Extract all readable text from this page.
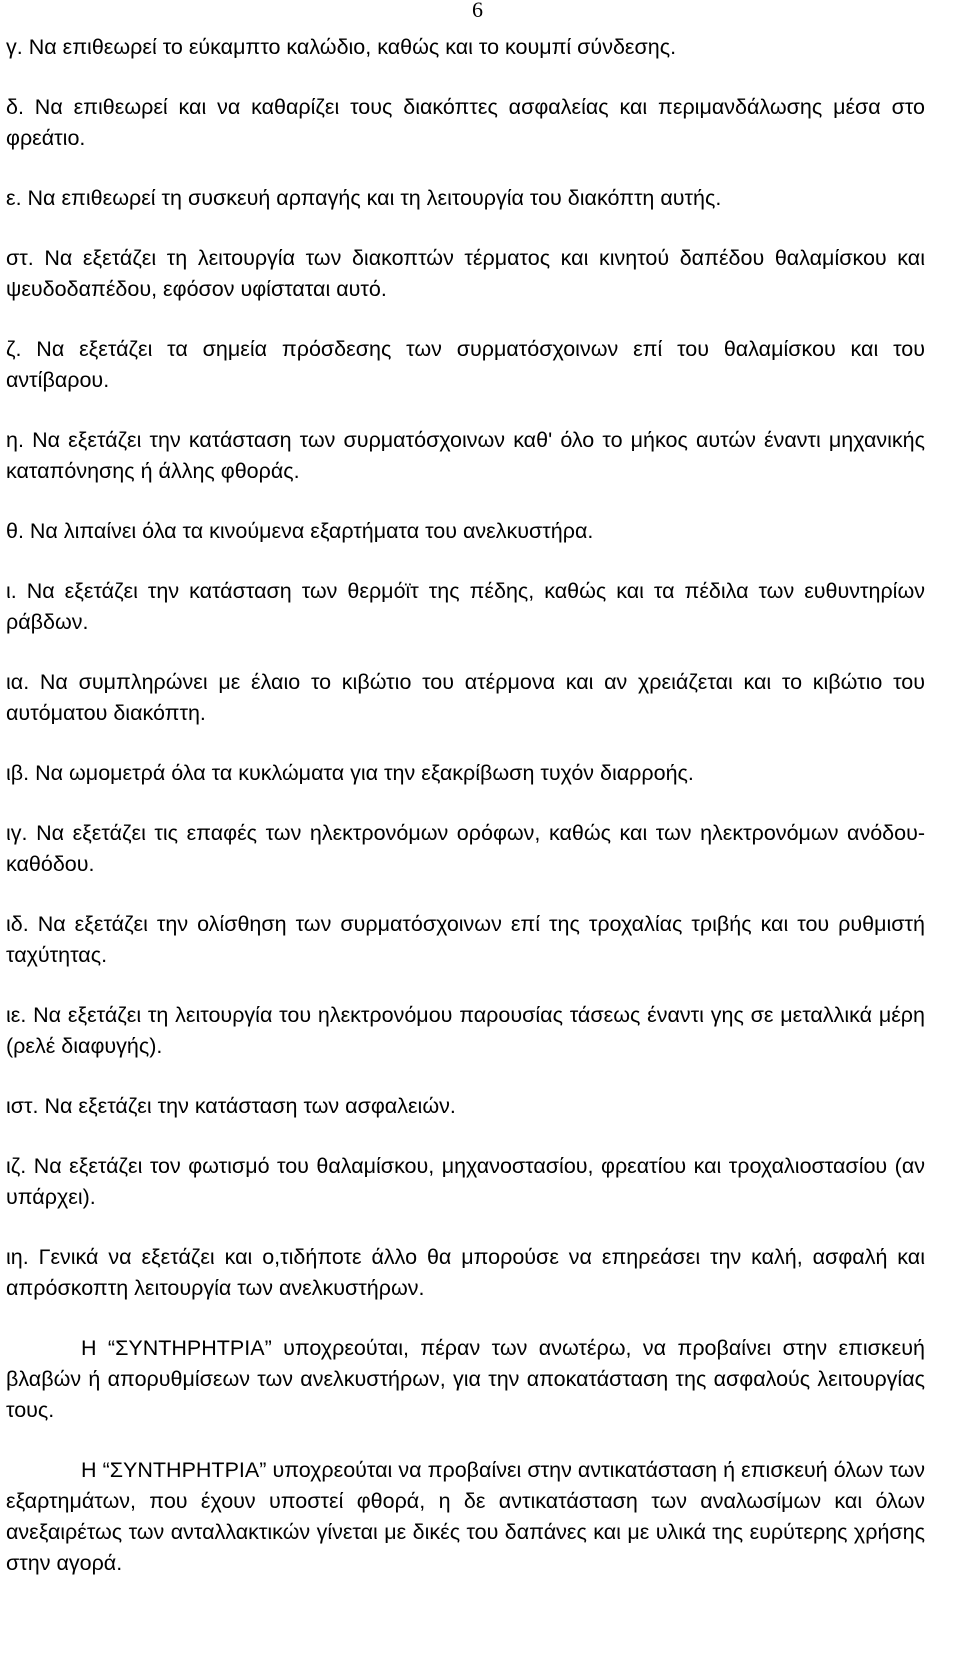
6

γ. Να επιθεωρεί το εύκαμπτο καλώδιο, καθώς και το κουμπί σύνδεσης.

δ. Να επιθεωρεί και να καθαρίζει τους διακόπτες ασφαλείας και περιμανδάλωσης μέσα στο φρεάτιο.

ε. Να επιθεωρεί τη συσκευή αρπαγής και τη λειτουργία του διακόπτη αυτής.

στ. Να εξετάζει τη λειτουργία των διακοπτών τέρματος και κινητού δαπέδου θαλαμίσκου και ψευδοδαπέδου, εφόσον υφίσταται αυτό.

ζ. Να εξετάζει τα σημεία πρόσδεσης των συρματόσχοινων επί του θαλαμίσκου και του αντίβαρου.

η. Να εξετάζει την κατάσταση των συρματόσχοινων καθ' όλο το μήκος αυτών έναντι μηχανικής καταπόνησης ή άλλης φθοράς.

θ. Να λιπαίνει όλα τα κινούμενα εξαρτήματα του ανελκυστήρα.

ι. Να εξετάζει την κατάσταση των θερμόϊτ της πέδης, καθώς και τα πέδιλα των ευθυντηρίων ράβδων.

ια. Να συμπληρώνει με έλαιο το κιβώτιο του ατέρμονα και αν χρειάζεται και το κιβώτιο του αυτόματου διακόπτη.

ιβ. Να ωμομετρά όλα τα κυκλώματα για την εξακρίβωση τυχόν διαρροής.

ιγ. Να εξετάζει τις επαφές των ηλεκτρονόμων ορόφων, καθώς και των ηλεκτρονόμων ανόδου-καθόδου.

ιδ. Να εξετάζει την ολίσθηση των συρματόσχοινων επί της τροχαλίας τριβής και του ρυθμιστή ταχύτητας.

ιε. Να εξετάζει τη λειτουργία του ηλεκτρονόμου παρουσίας τάσεως έναντι γης σε μεταλλικά μέρη (ρελέ διαφυγής).

ιστ. Να εξετάζει την κατάσταση των ασφαλειών.

ιζ. Να εξετάζει τον φωτισμό του θαλαμίσκου, μηχανοστασίου, φρεατίου και τροχαλιοστασίου (αν υπάρχει).

ιη. Γενικά να εξετάζει και ο,τιδήποτε άλλο θα μπορούσε να επηρεάσει την καλή, ασφαλή και απρόσκοπτη λειτουργία των ανελκυστήρων.

Η “ΣΥΝΤΗΡΗΤΡΙΑ” υποχρεούται, πέραν των ανωτέρω, να προβαίνει στην επισκευή βλαβών ή απορυθμίσεων των ανελκυστήρων, για την αποκατάσταση της ασφαλούς λειτουργίας τους.

Η “ΣΥΝΤΗΡΗΤΡΙΑ” υποχρεούται να προβαίνει στην αντικατάσταση ή επισκευή όλων των εξαρτημάτων, που έχουν υποστεί φθορά, η δε αντικατάσταση των αναλωσίμων και όλων ανεξαιρέτως των ανταλλακτικών γίνεται με δικές του δαπάνες και με υλικά της ευρύτερης χρήσης στην αγορά.
